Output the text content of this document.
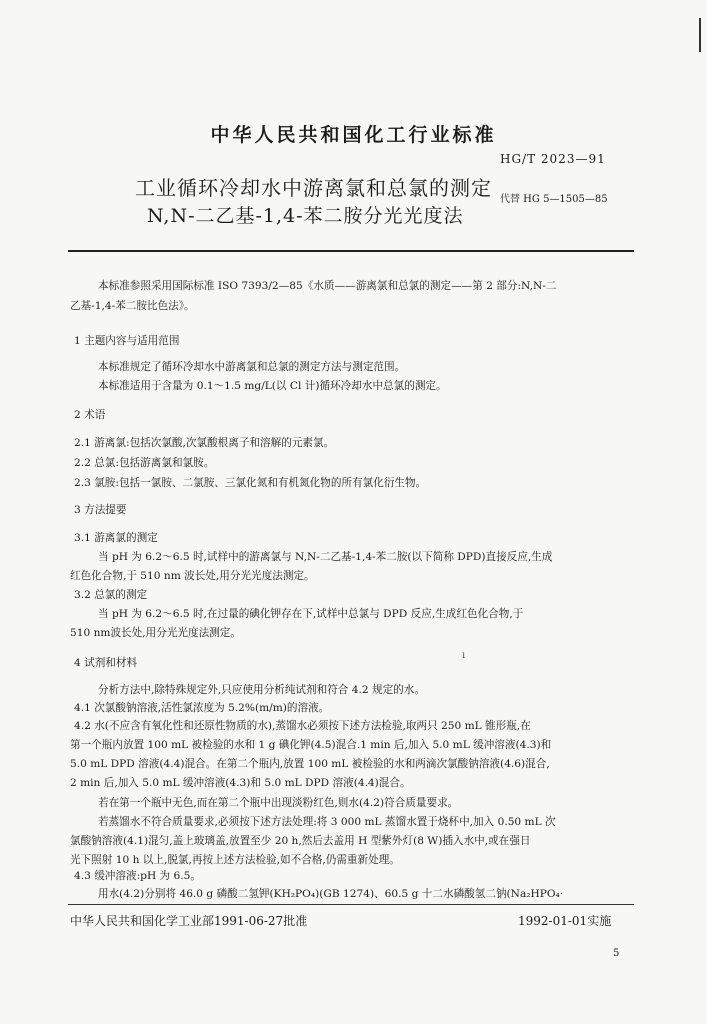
中华人民共和国化工行业标准
HG/T 2023—91
工业循环冷却水中游离氯和总氯的测定
N,N-二乙基-1,4-苯二胺分光光度法
代替 HG 5—1505—85
本标准参照采用国际标准 ISO 7393/2—85《水质——游离氯和总氯的测定——第 2 部分:N,N-二
乙基-1,4-苯二胺比色法》。
1 主题内容与适用范围
本标准规定了循环冷却水中游离氯和总氯的测定方法与测定范围。
本标准适用于含量为 0.1～1.5 mg/L(以 Cl 计)循环冷却水中总氯的测定。
2 术语
2.1 游离氯:包括次氯酸,次氯酸根离子和溶解的元素氯。
2.2 总氯:包括游离氯和氯胺。
2.3 氯胺:包括一氯胺、二氯胺、三氯化氮和有机氮化物的所有氯化衍生物。
3 方法提要
3.1 游离氯的测定
当 pH 为 6.2～6.5 时,试样中的游离氯与 N,N-二乙基-1,4-苯二胺(以下简称 DPD)直接反应,生成
红色化合物,于 510 nm 波长处,用分光光度法测定。
3.2 总氯的测定
当 pH 为 6.2～6.5 时,在过量的碘化钾存在下,试样中总氯与 DPD 反应,生成红色化合物,于
510 nm波长处,用分光光度法测定。
ı
4 试剂和材料
分析方法中,除特殊规定外,只应使用分析纯试剂和符合 4.2 规定的水。
4.1 次氯酸钠溶液,活性氯浓度为 5.2%(m/m)的溶液。
4.2 水(不应含有氧化性和还原性物质的水),蒸馏水必须按下述方法检验,取两只 250 mL 锥形瓶,在
第一个瓶内放置 100 mL 被检验的水和 1 g 碘化钾(4.5)混合.1 min 后,加入 5.0 mL 缓冲溶液(4.3)和
5.0 mL DPD 溶液(4.4)混合。在第二个瓶内,放置 100 mL 被检验的水和两滴次氯酸钠溶液(4.6)混合,
2 min 后,加入 5.0 mL 缓冲溶液(4.3)和 5.0 mL DPD 溶液(4.4)混合。
若在第一个瓶中无色,而在第二个瓶中出现淡粉红色,则水(4.2)符合质量要求。
若蒸馏水不符合质量要求,必须按下述方法处理:将 3 000 mL 蒸馏水置于烧杯中,加入 0.50 mL 次
氯酸钠溶液(4.1)混匀,盖上玻璃盖,放置至少 20 h,然后去盖用 H 型紫外灯(8 W)插入水中,或在强日
光下照射 10 h 以上,脱氯,再按上述方法检验,如不合格,仍需重新处理。
4.3 缓冲溶液:pH 为 6.5。
用水(4.2)分别将 46.0 g 磷酸二氢钾(KH₂PO₄)(GB 1274)、60.5 g 十二水磷酸氢二钠(Na₂HPO₄·
中华人民共和国化学工业部1991-06-27批准	1992-01-01实施
5
